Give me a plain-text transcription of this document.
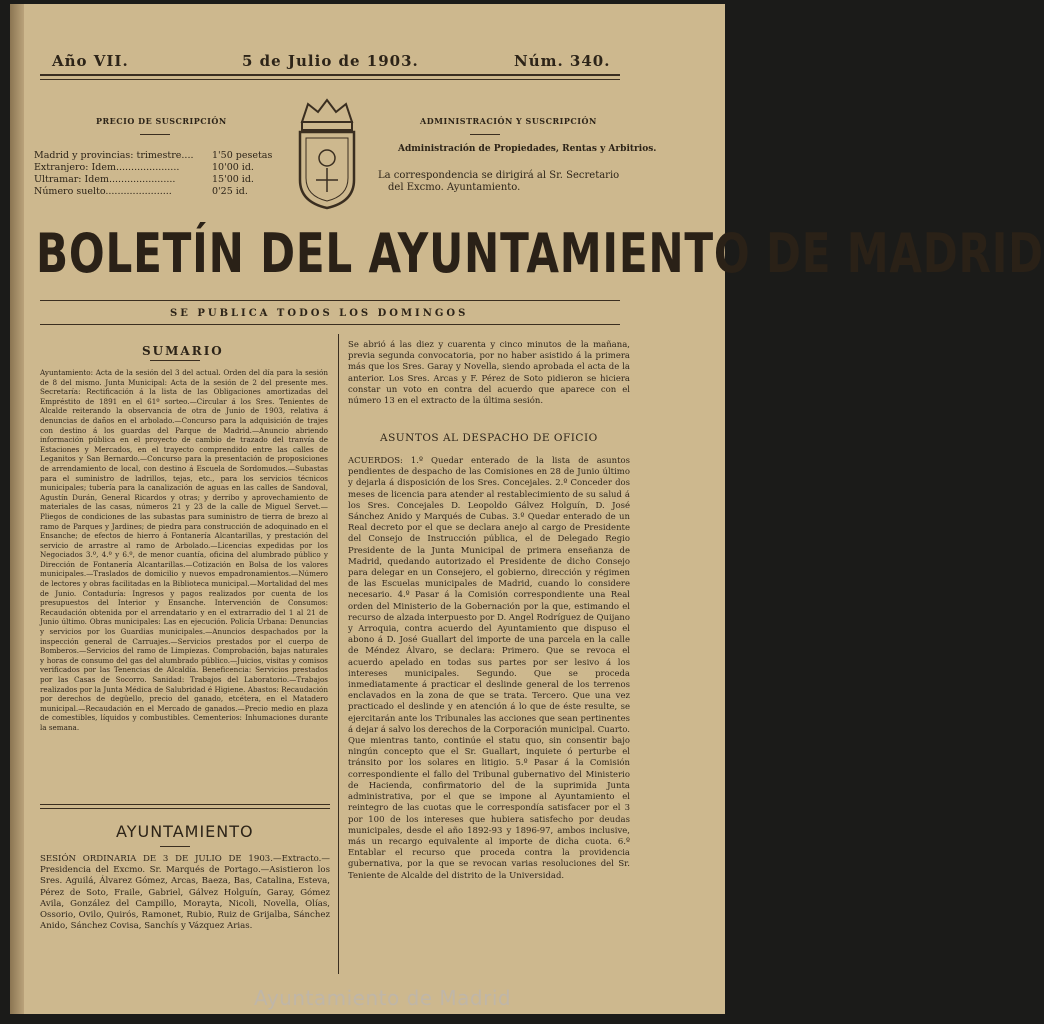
Año VII.	5 de Julio de 1903.	Núm. 340.
PRECIO DE SUSCRIPCIÓN
Madrid y provincias: trimestre.... 1'50 pesetas
Extranjero: Idem.....................	10'00 id.
Ultramar: Idem......................	15'00 id.
Número suelto......................	0'25 id.
ADMINISTRACIÓN Y SUSCRIPCIÓN
Administración de Propiedades, Rentas y Arbitrios.
La correspondencia se dirigirá al Sr. Secretario
del Excmo. Ayuntamiento.
BOLETÍN DEL AYUNTAMIENTO DE MADRID
SE PUBLICA TODOS LOS DOMINGOS
SUMARIO
Ayuntamiento: Acta de la sesión del 3 del actual. Orden del día para la sesión de 8 del mismo. Junta Municipal: Acta de la sesión de 2 del presente mes. Secretaría: Rectificación á la lista de las Obligaciones amortizadas del Empréstito de 1891 en el 61º sorteo.—Circular á los Sres. Tenientes de Alcalde reiterando la observancia de otra de Junio de 1903, relativa á denuncias de daños en el arbolado.—Concurso para la adquisición de trajes con destino á los guardas del Parque de Madrid.—Anuncio abriendo información pública en el proyecto de cambio de trazado del tranvía de Estaciones y Mercados, en el trayecto comprendido entre las calles de Leganitos y San Bernardo.—Concurso para la presentación de proposiciones de arrendamiento de local, con destino á Escuela de Sordomudos.—Subastas para el suministro de ladrillos, tejas, etc., para los servicios técnicos municipales; tubería para la canalización de aguas en las calles de Sandoval, Agustín Durán, General Ricardos y otras; y derribo y aprovechamiento de materiales de las casas, números 21 y 23 de la calle de Miguel Servet.—Pliegos de condiciones de las subastas para suministro de tierra de brezo al ramo de Parques y Jardines; de piedra para construcción de adoquinado en el Ensanche; de efectos de hierro á Fontanería Alcantarillas, y prestación del servicio de arrastre al ramo de Arbolado.—Licencias expedidas por los Negociados 3.º, 4.º y 6.º, de menor cuantía, oficina del alumbrado público y Dirección de Fontanería Alcantarillas.—Cotización en Bolsa de los valores municipales.—Traslados de domicilio y nuevos empadronamientos.—Número de lectores y obras facilitadas en la Biblioteca municipal.—Mortalidad del mes de Junio. Contaduría: Ingresos y pagos realizados por cuenta de los presupuestos del Interior y Ensanche. Intervención de Consumos: Recaudación obtenida por el arrendatario y en el extrarradio del 1 al 21 de Junio último. Obras municipales: Las en ejecución. Policía Urbana: Denuncias y servicios por los Guardias municipales.—Anuncios despachados por la inspección general de Carruajes.—Servicios prestados por el cuerpo de Bomberos.—Servicios del ramo de Limpiezas. Comprobación, bajas naturales y horas de consumo del gas del alumbrado público.—Juicios, visitas y comisos verificados por las Tenencias de Alcaldía. Beneficencia: Servicios prestados por las Casas de Socorro. Sanidad: Trabajos del Laboratorio.—Trabajos realizados por la Junta Médica de Salubridad é Higiene. Abastos: Recaudación por derechos de degüello, precio del ganado, etcétera, en el Matadero municipal.—Recaudación en el Mercado de ganados.—Precio medio en plaza de comestibles, líquidos y combustibles. Cementerios: Inhumaciones durante la semana.
AYUNTAMIENTO
SESIÓN ORDINARIA DE 3 DE JULIO DE 1903.—Extracto.—Presidencia del Excmo. Sr. Marqués de Portago.—Asistieron los Sres. Aguilá, Álvarez Gómez, Arcas, Baeza, Bas, Catalina, Esteva, Pérez de Soto, Fraile, Gabriel, Gálvez Holguín, Garay, Gómez Avila, González del Campillo, Morayta, Nicoli, Novella, Olías, Ossorio, Ovilo, Quirós, Ramonet, Rubio, Ruiz de Grijalba, Sánchez Anido, Sánchez Covisa, Sanchís y Vázquez Arias.
Se abrió á las diez y cuarenta y cinco minutos de la mañana, previa segunda convocatoria, por no haber asistido á la primera más que los Sres. Garay y Novella, siendo aprobada el acta de la anterior. Los Sres. Arcas y F. Pérez de Soto pidieron se hiciera constar un voto en contra del acuerdo que aparece con el número 13 en el extracto de la última sesión.
ASUNTOS AL DESPACHO DE OFICIO
ACUERDOS: 1.º Quedar enterado de la lista de asuntos pendientes de despacho de las Comisiones en 28 de Junio último y dejarla á disposición de los Sres. Concejales. 2.º Conceder dos meses de licencia para atender al restablecimiento de su salud á los Sres. Concejales D. Leopoldo Gálvez Holguín, D. José Sánchez Anido y Marqués de Cubas. 3.º Quedar enterado de un Real decreto por el que se declara anejo al cargo de Presidente del Consejo de Instrucción pública, el de Delegado Regio Presidente de la Junta Municipal de primera enseñanza de Madrid, quedando autorizado el Presidente de dicho Consejo para delegar en un Consejero, el gobierno, dirección y régimen de las Escuelas municipales de Madrid, cuando lo considere necesario. 4.º Pasar á la Comisión correspondiente una Real orden del Ministerio de la Gobernación por la que, estimando el recurso de alzada interpuesto por D. Angel Rodríguez de Quijano y Arroquia, contra acuerdo del Ayuntamiento que dispuso el abono á D. José Guallart del importe de una parcela en la calle de Méndez Álvaro, se declara: Primero. Que se revoca el acuerdo apelado en todas sus partes por ser lesivo á los intereses municipales. Segundo. Que se proceda inmediatamente á practicar el deslinde general de los terrenos enclavados en la zona de que se trata. Tercero. Que una vez practicado el deslinde y en atención á lo que de éste resulte, se ejercitarán ante los Tribunales las acciones que sean pertinentes á dejar á salvo los derechos de la Corporación municipal. Cuarto. Que mientras tanto, continúe el statu quo, sin consentir bajo ningún concepto que el Sr. Guallart, inquiete ó perturbe el tránsito por los solares en litigio. 5.º Pasar á la Comisión correspondiente el fallo del Tribunal gubernativo del Ministerio de Hacienda, confirmatorio del de la suprimida Junta administrativa, por el que se impone al Ayuntamiento el reintegro de las cuotas que le correspondía satisfacer por el 3 por 100 de los intereses que hubiera satisfecho por deudas municipales, desde el año 1892-93 y 1896-97, ambos inclusive, más un recargo equivalente al importe de dicha cuota. 6.º Entablar el recurso que proceda contra la providencia gubernativa, por la que se revocan varias resoluciones del Sr. Teniente de Alcalde del distrito de la Universidad.
Ayuntamiento de Madrid
